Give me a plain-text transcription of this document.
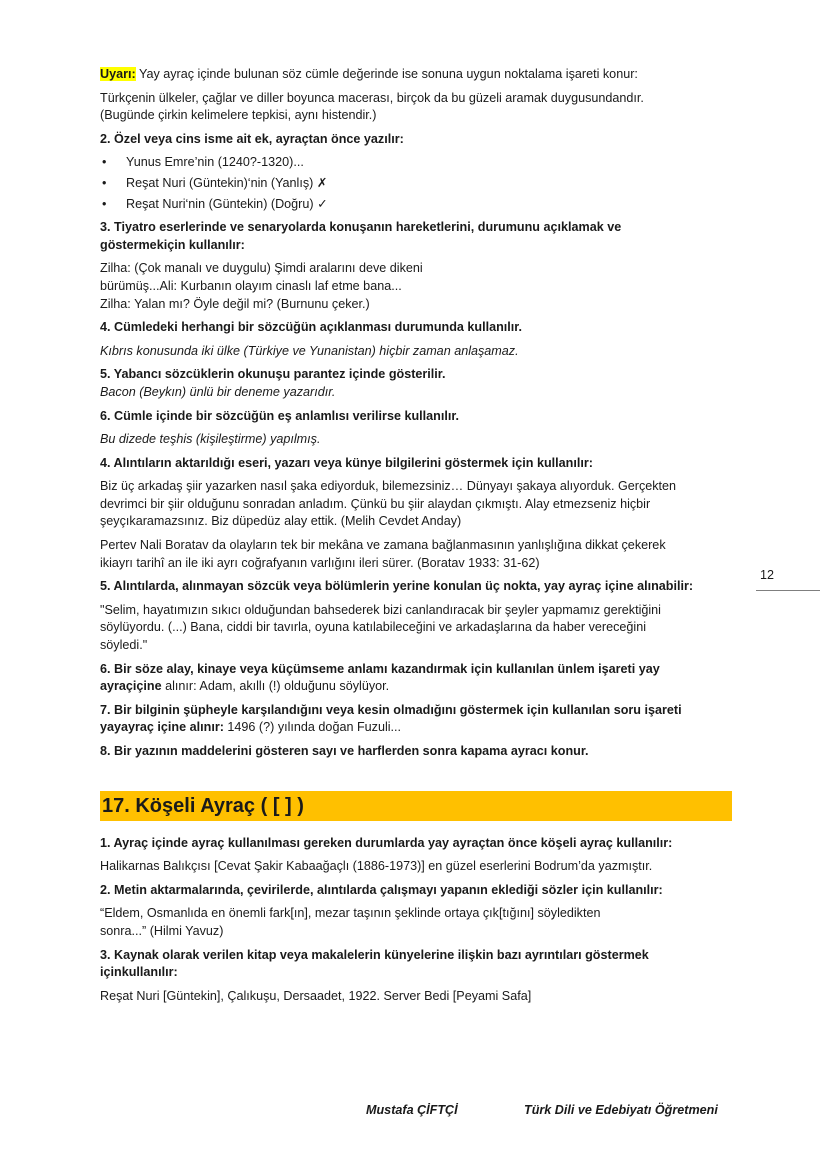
Uyarı: Yay ayraç içinde bulunan söz cümle değerinde ise sonuna uygun noktalama işareti konur:

Türkçenin ülkeler, çağlar ve diller boyunca macerası, birçok da bu güzeli aramak duygusundandır.
(Bugünde çirkin kelimelere tepkisi, aynı histendir.)

2. Özel veya cins isme ait ek, ayraçtan önce yazılır:

• Yunus Emre’nin (1240?-1320)...
• Reşat Nuri (Güntekin)‘nin (Yanlış) ✗
• Reşat Nuri‘nin (Güntekin) (Doğru) ✓

3. Tiyatro eserlerinde ve senaryolarda konuşanın hareketlerini, durumunu açıklamak ve
göstermekiçin kullanılır:

Zilha: (Çok manalı ve duygulu) Şimdi aralarını deve dikeni
bürümüş...Ali: Kurbanın olayım cinaslı laf etme bana...
Zilha: Yalan mı? Öyle değil mi? (Burnunu çeker.)

4. Cümledeki herhangi bir sözcüğün açıklanması durumunda kullanılır.

Kıbrıs konusunda iki ülke (Türkiye ve Yunanistan) hiçbir zaman anlaşamaz.

5. Yabancı sözcüklerin okunuşu parantez içinde gösterilir.
Bacon (Beykın) ünlü bir deneme yazarıdır.

6. Cümle içinde bir sözcüğün eş anlamlısı verilirse kullanılır.

Bu dizede teşhis (kişileştirme) yapılmış.

4. Alıntıların aktarıldığı eseri, yazarı veya künye bilgilerini göstermek için kullanılır:

Biz üç arkadaş şiir yazarken nasıl şaka ediyorduk, bilemezsiniz… Dünyayı şakaya alıyorduk. Gerçekten
devrimci bir şiir olduğunu sonradan anladım. Çünkü bu şiir alaydan çıkmıştı. Alay etmezseniz hiçbir
şeyçıkaramazsınız. Biz düpedüz alay ettik. (Melih Cevdet Anday)

Pertev Nali Boratav da olayların tek bir mekâna ve zamana bağlanmasının yanlışlığına dikkat çekerek
ikiayrı tarihî an ile iki ayrı coğrafyanın varlığını ileri sürer. (Boratav 1933: 31-62)

5. Alıntılarda, alınmayan sözcük veya bölümlerin yerine konulan üç nokta, yay ayraç içine alınabilir:

"Selim, hayatımızın sıkıcı olduğundan bahsederek bizi canlandıracak bir şeyler yapmamız gerektiğini
söylüyordu. (...) Bana, ciddi bir tavırla, oyuna katılabileceğini ve arkadaşlarına da haber vereceğini
söyledi."

6. Bir söze alay, kinaye veya küçümseme anlamı kazandırmak için kullanılan ünlem işareti yay
ayraçiçine alınır: Adam, akıllı (!) olduğunu söylüyor.

7. Bir bilginin şüpheyle karşılandığını veya kesin olmadığını göstermek için kullanılan soru işareti
yayayraç içine alınır: 1496 (?) yılında doğan Fuzuli...

8. Bir yazının maddelerini gösteren sayı ve harflerden sonra kapama ayracı konur.

17. Köşeli Ayraç ( [ ] )

1. Ayraç içinde ayraç kullanılması gereken durumlarda yay ayraçtan önce köşeli ayraç kullanılır:

Halikarnas Balıkçısı [Cevat Şakir Kabaağaçlı (1886-1973)] en güzel eserlerini Bodrum’da yazmıştır.

2. Metin aktarmalarında, çevirilerde, alıntılarda çalışmayı yapanın eklediği sözler için kullanılır:

“Eldem, Osmanlıda en önemli fark[ın], mezar taşının şeklinde ortaya çık[tığını] söyledikten
sonra...” (Hilmi Yavuz)

3. Kaynak olarak verilen kitap veya makalelerin künyelerine ilişkin bazı ayrıntıları göstermek
içinkullanılır:

Reşat Nuri [Güntekin], Çalıkuşu, Dersaadet, 1922. Server Bedi [Peyami Safa]

12
Mustafa ÇİFTÇİ	Türk Dili ve Edebiyatı Öğretmeni
